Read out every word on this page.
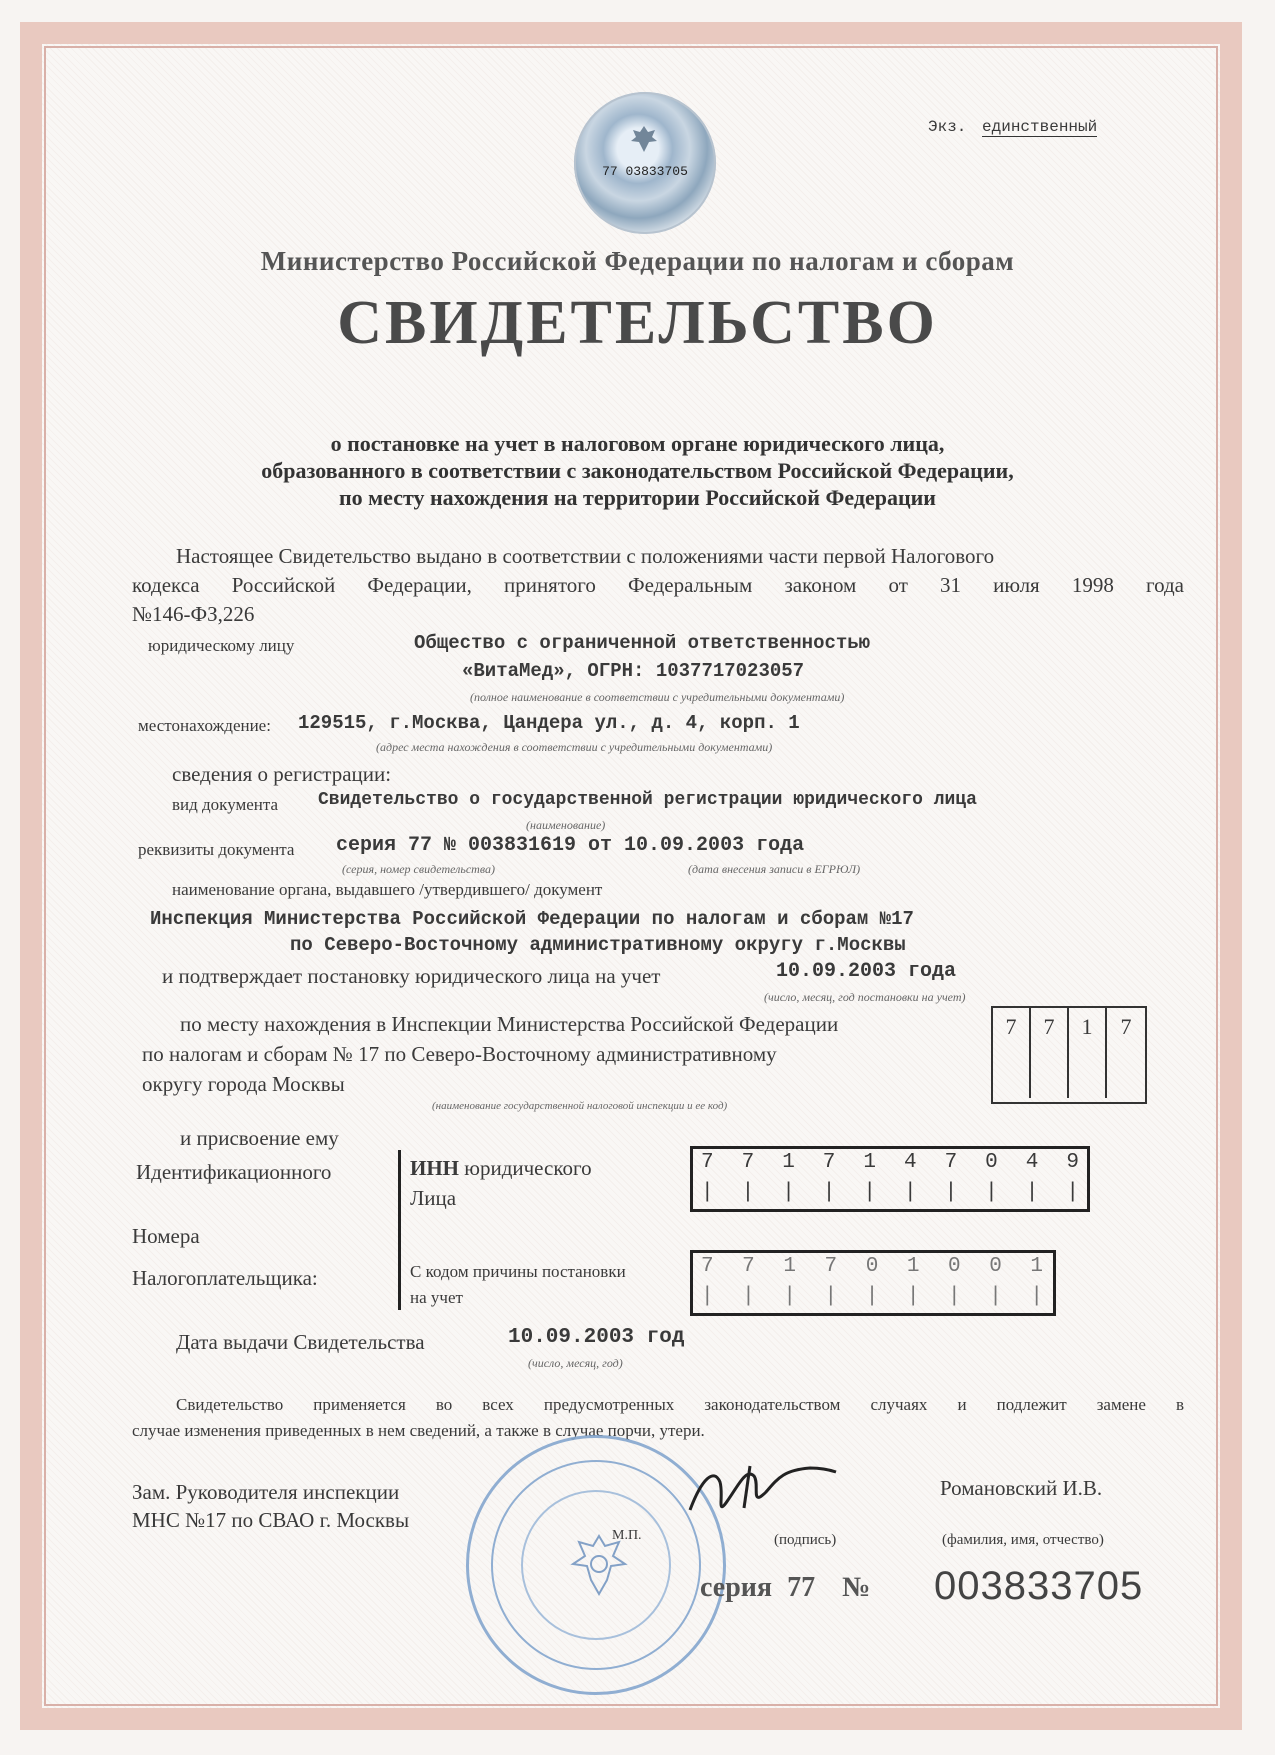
77 03833705
Экз. единственный
Министерство Российской Федерации по налогам и сборам
СВИДЕТЕЛЬСТВО
о постановке на учет в налоговом органе юридического лица,
образованного в соответствии с законодательством Российской Федерации,
по месту нахождения на территории Российской Федерации
Настоящее Свидетельство выдано в соответствии с положениями части первой Налогового
кодекса Российской Федерации, принятого Федеральным законом от 31 июля 1998 года
№146-ФЗ,226
юридическому лицу	Общество с ограниченной ответственностью
«ВитаМед», ОГРН: 1037717023057
(полное наименование в соответствии с учредительными документами)
местонахождение: 129515, г.Москва, Цандера ул., д. 4, корп. 1
(адрес места нахождения в соответствии с учредительными документами)
сведения о регистрации:
вид документа Свидетельство о государственной регистрации юридического лица
(наименование)
реквизиты документа серия 77 № 003831619 от 10.09.2003 года
(серия, номер свидетельства)	(дата внесения записи в ЕГРЮЛ)
наименование органа, выдавшего /утвердившего/ документ
Инспекция Министерства Российской Федерации по налогам и сборам №17
по Северо-Восточному административному округу г.Москвы
и подтверждает постановку юридического лица на учет	10.09.2003 года
(число, месяц, год постановки на учет)
по месту нахождения в Инспекции Министерства Российской Федерации
по налогам и сборам № 17 по Северо-Восточному административному
округу города Москвы
(наименование государственной налоговой инспекции и ее код)
7	7	1	7
и присвоение ему
Идентификационного
Номера
Налогоплательщика:
ИНН юридического
Лица
7 7 1 7 1 4 7 0 4 9
| | | | | | | | | |
С кодом причины постановки
на учет
7 7 1 7 0 1 0 0 1
| | | | | | | | |
Дата выдачи Свидетельства	10.09.2003 год
(число, месяц, год)
Свидетельство применяется во всех предусмотренных законодательством случаях и подлежит замене в
случае изменения приведенных в нем сведений, а также в случае порчи, утери.
Зам. Руководителя инспекции
МНС №17 по СВАО г. Москвы
Романовский И.В.
М.П.	(подпись)	(фамилия, имя, отчество)
серия 77 № 003833705
